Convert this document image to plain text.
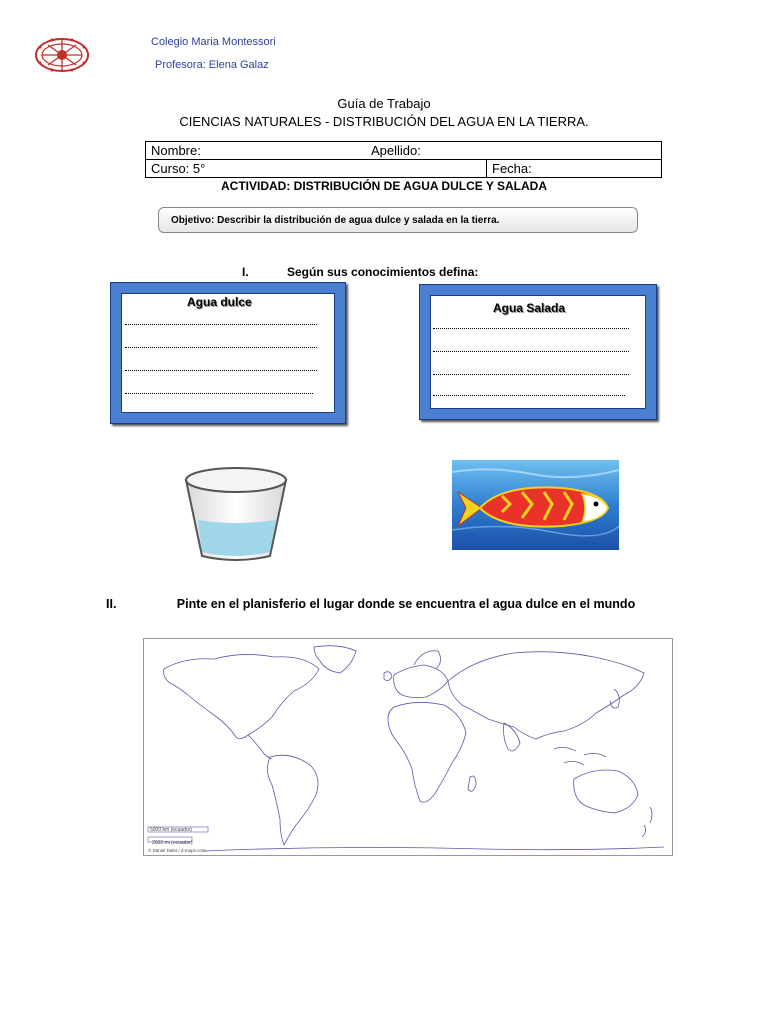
Colegio Maria Montessori
Profesora: Elena Galaz
Guía de Trabajo
CIENCIAS NATURALES - DISTRIBUCIÓN DEL AGUA EN LA TIERRA.
Nombre:	Apellido:

Curso: 5°	Fecha:
ACTIVIDAD: DISTRIBUCIÓN DE AGUA DULCE Y SALADA
Objetivo: Describir la distribución de agua dulce y salada en la tierra.
I.	Según sus conocimientos defina:
Agua dulce	Agua Salada
II.	Pinte en el planisferio el lugar donde se encuentra el agua dulce en el mundo
5000 km (ecuador)
2000 mi (ecuador)
© Daniel Dalet / d-maps.com
